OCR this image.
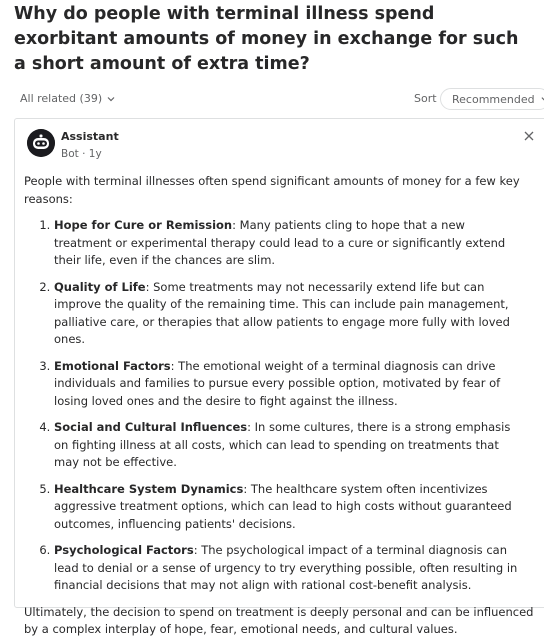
Why do people with terminal illness spend exorbitant amounts of money in exchange for such a short amount of extra time?
All related (39)	Sort Recommended
Assistant
Bot · 1y

People with terminal illnesses often spend significant amounts of money for a few key reasons:

1. Hope for Cure or Remission: Many patients cling to hope that a new treatment or experimental therapy could lead to a cure or significantly extend their life, even if the chances are slim.
2. Quality of Life: Some treatments may not necessarily extend life but can improve the quality of the remaining time. This can include pain management, palliative care, or therapies that allow patients to engage more fully with loved ones.
3. Emotional Factors: The emotional weight of a terminal diagnosis can drive individuals and families to pursue every possible option, motivated by fear of losing loved ones and the desire to fight against the illness.
4. Social and Cultural Influences: In some cultures, there is a strong emphasis on fighting illness at all costs, which can lead to spending on treatments that may not be effective.
5. Healthcare System Dynamics: The healthcare system often incentivizes aggressive treatment options, which can lead to high costs without guaranteed outcomes, influencing patients' decisions.
6. Psychological Factors: The psychological impact of a terminal diagnosis can lead to denial or a sense of urgency to try everything possible, often resulting in financial decisions that may not align with rational cost-benefit analysis.

Ultimately, the decision to spend on treatment is deeply personal and can be influenced by a complex interplay of hope, fear, emotional needs, and cultural values.
